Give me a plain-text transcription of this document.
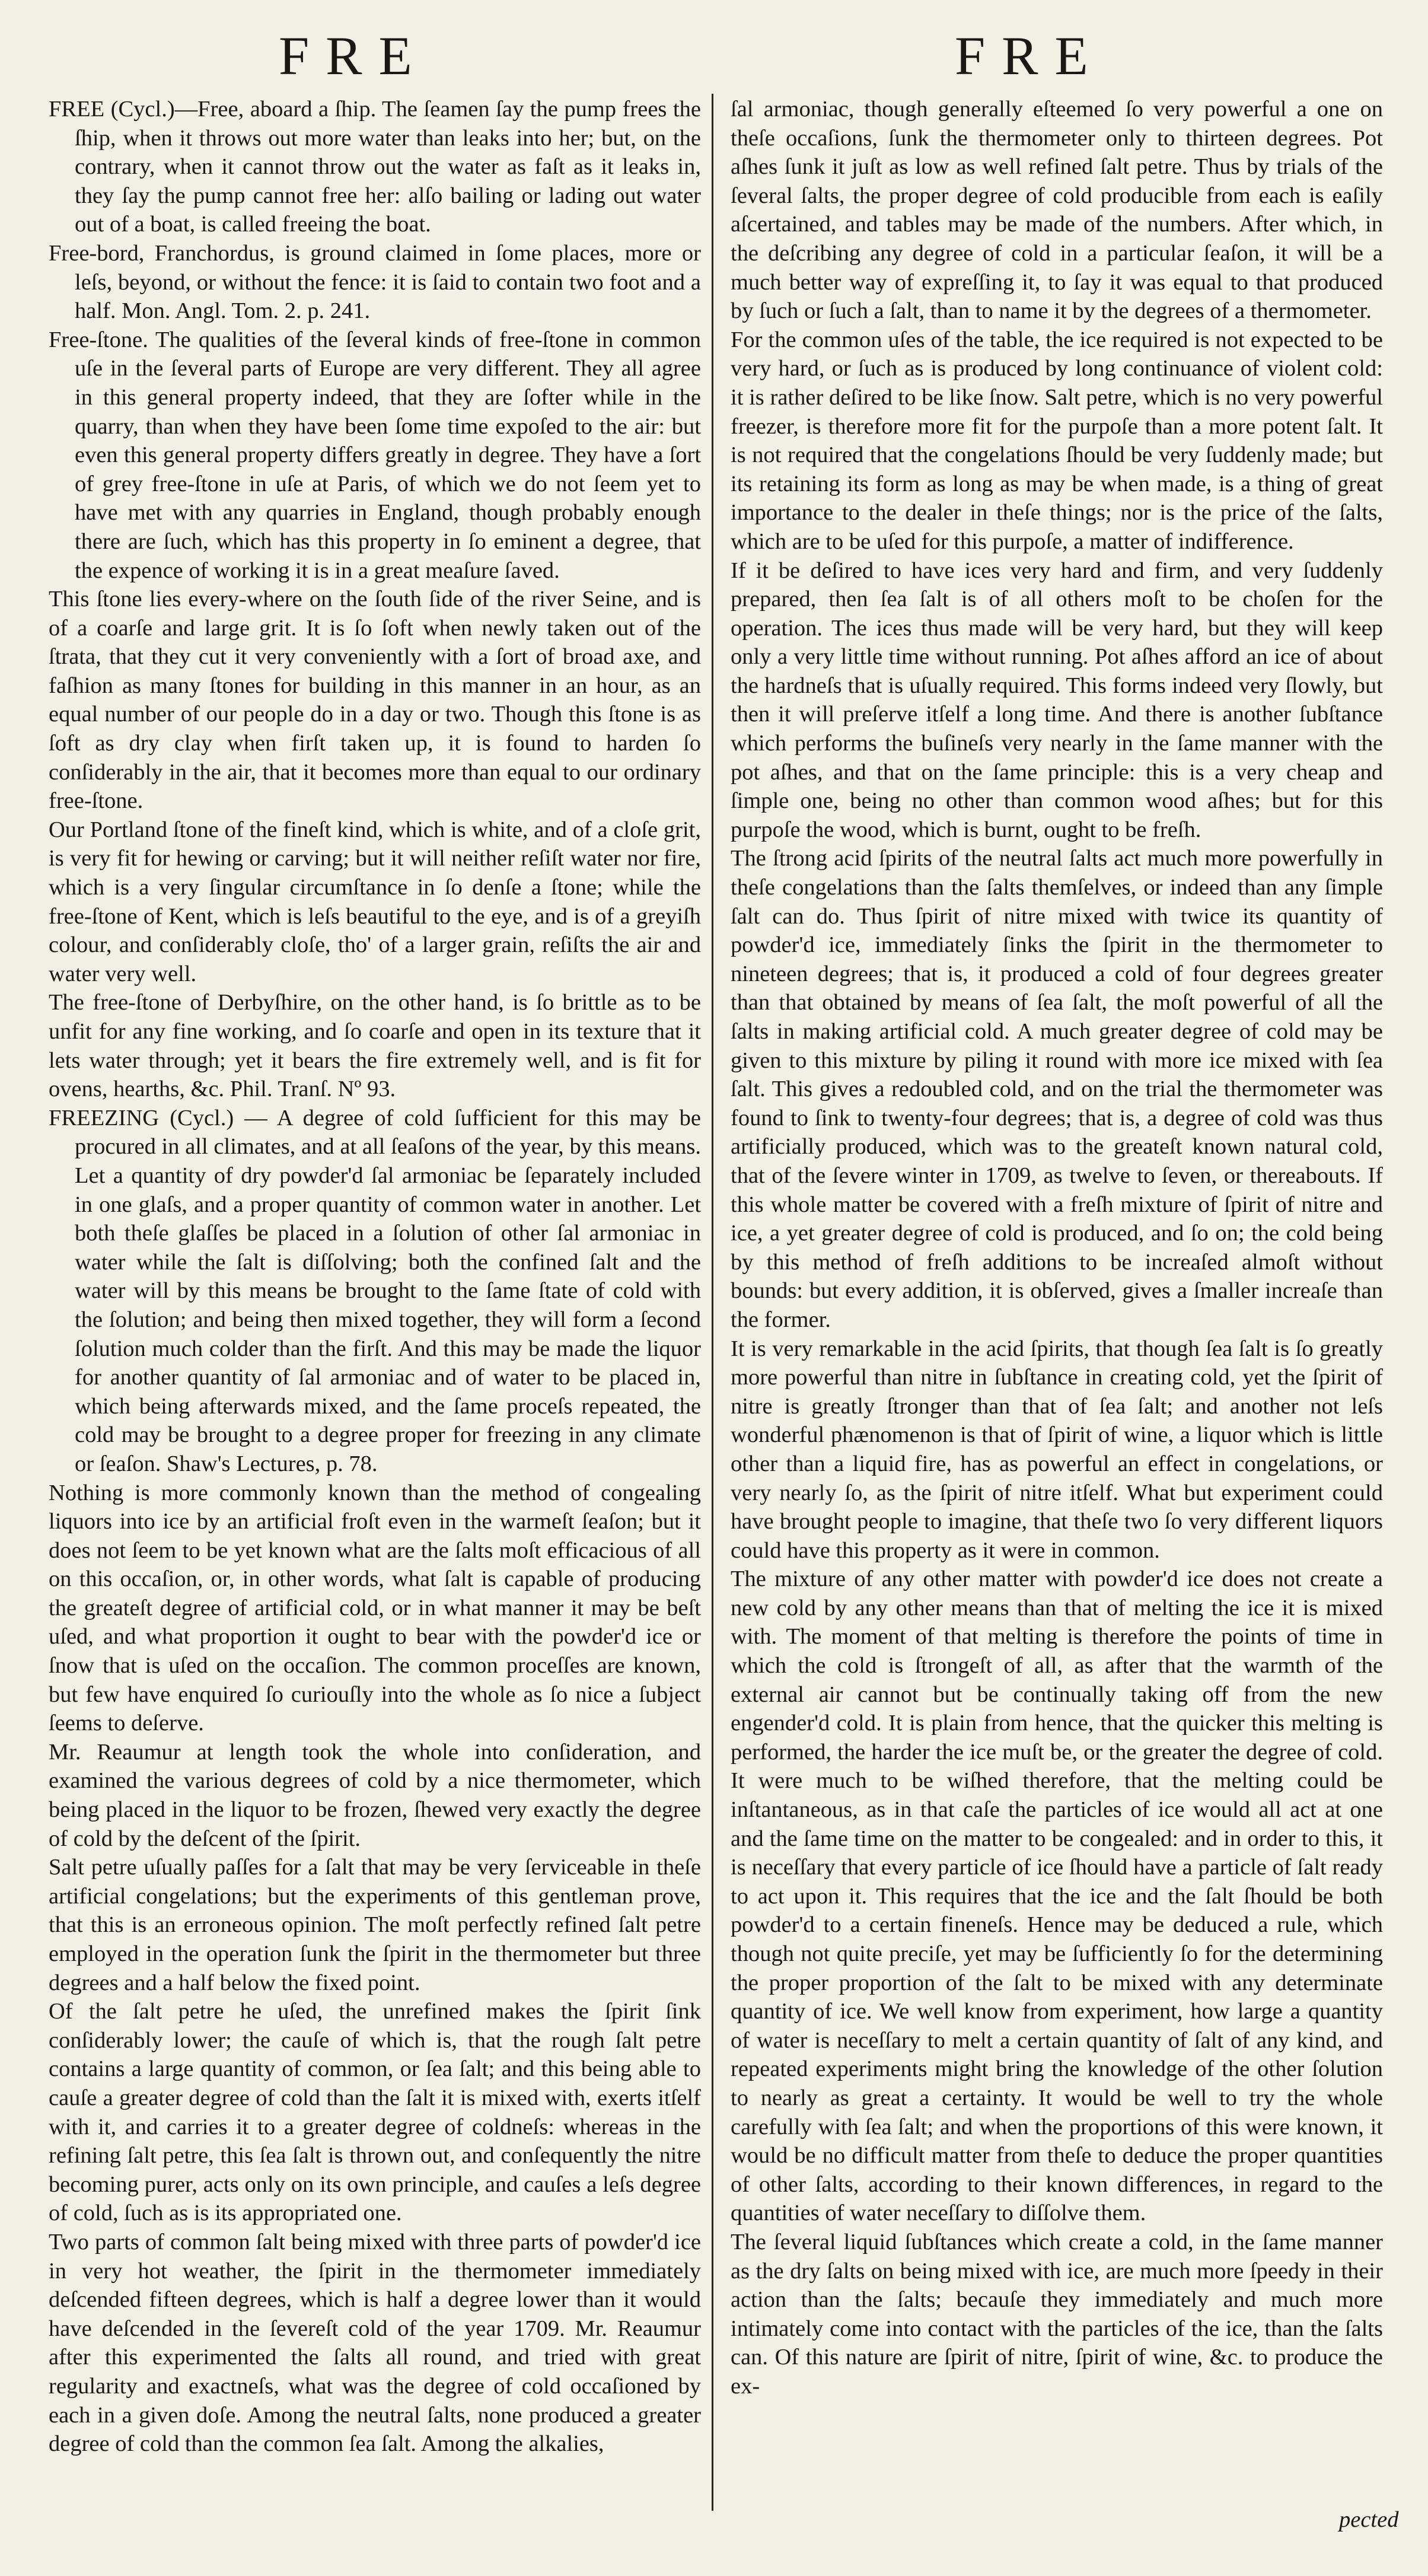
FRE	FRE

FREE (Cycl.)—Free, aboard a ſhip. The ſeamen ſay the pump frees the ſhip, when it throws out more water than leaks into her; but, on the contrary, when it cannot throw out the water as faſt as it leaks in, they ſay the pump cannot free her: alſo bailing or lading out water out of a boat, is called freeing the boat.

Free-bord, Franchordus, is ground claimed in ſome places, more or leſs, beyond, or without the fence: it is ſaid to contain two foot and a half. Mon. Angl. Tom. 2. p. 241.

Free-ſtone. The qualities of the ſeveral kinds of free-ſtone in common uſe in the ſeveral parts of Europe are very different. They all agree in this general property indeed, that they are ſofter while in the quarry, than when they have been ſome time expoſed to the air: but even this general property differs greatly in degree. They have a ſort of grey free-ſtone in uſe at Paris, of which we do not ſeem yet to have met with any quarries in England, though probably enough there are ſuch, which has this property in ſo eminent a degree, that the expence of working it is in a great meaſure ſaved.

This ſtone lies every-where on the ſouth ſide of the river Seine, and is of a coarſe and large grit. It is ſo ſoft when newly taken out of the ſtrata, that they cut it very conveniently with a ſort of broad axe, and faſhion as many ſtones for building in this manner in an hour, as an equal number of our people do in a day or two. Though this ſtone is as ſoft as dry clay when firſt taken up, it is found to harden ſo conſiderably in the air, that it becomes more than equal to our ordinary free-ſtone.

Our Portland ſtone of the fineſt kind, which is white, and of a cloſe grit, is very fit for hewing or carving; but it will neither reſiſt water nor fire, which is a very ſingular circumſtance in ſo denſe a ſtone; while the free-ſtone of Kent, which is leſs beautiful to the eye, and is of a greyiſh colour, and conſiderably cloſe, tho' of a larger grain, reſiſts the air and water very well.

The free-ſtone of Derbyſhire, on the other hand, is ſo brittle as to be unfit for any fine working, and ſo coarſe and open in its texture that it lets water through; yet it bears the fire extremely well, and is fit for ovens, hearths, &c. Phil. Tranſ. Nº 93.

FREEZING (Cycl.) — A degree of cold ſufficient for this may be procured in all climates, and at all ſeaſons of the year, by this means. Let a quantity of dry powder'd ſal armoniac be ſeparately included in one glaſs, and a proper quantity of common water in another. Let both theſe glaſſes be placed in a ſolution of other ſal armoniac in water while the ſalt is diſſolving; both the confined ſalt and the water will by this means be brought to the ſame ſtate of cold with the ſolution; and being then mixed together, they will form a ſecond ſolution much colder than the firſt. And this may be made the liquor for another quantity of ſal armoniac and of water to be placed in, which being afterwards mixed, and the ſame proceſs repeated, the cold may be brought to a degree proper for freezing in any climate or ſeaſon. Shaw's Lectures, p. 78.

Nothing is more commonly known than the method of congealing liquors into ice by an artificial froſt even in the warmeſt ſeaſon; but it does not ſeem to be yet known what are the ſalts moſt efficacious of all on this occaſion, or, in other words, what ſalt is capable of producing the greateſt degree of artificial cold, or in what manner it may be beſt uſed, and what proportion it ought to bear with the powder'd ice or ſnow that is uſed on the occaſion. The common proceſſes are known, but few have enquired ſo curiouſly into the whole as ſo nice a ſubject ſeems to deſerve.

Mr. Reaumur at length took the whole into conſideration, and examined the various degrees of cold by a nice thermometer, which being placed in the liquor to be frozen, ſhewed very exactly the degree of cold by the deſcent of the ſpirit.

Salt petre uſually paſſes for a ſalt that may be very ſerviceable in theſe artificial congelations; but the experiments of this gentleman prove, that this is an erroneous opinion. The moſt perfectly refined ſalt petre employed in the operation ſunk the ſpirit in the thermometer but three degrees and a half below the fixed point.

Of the ſalt petre he uſed, the unrefined makes the ſpirit ſink conſiderably lower; the cauſe of which is, that the rough ſalt petre contains a large quantity of common, or ſea ſalt; and this being able to cauſe a greater degree of cold than the ſalt it is mixed with, exerts itſelf with it, and carries it to a greater degree of coldneſs: whereas in the refining ſalt petre, this ſea ſalt is thrown out, and conſequently the nitre becoming purer, acts only on its own principle, and cauſes a leſs degree of cold, ſuch as is its appropriated one.

Two parts of common ſalt being mixed with three parts of powder'd ice in very hot weather, the ſpirit in the thermometer immediately deſcended fifteen degrees, which is half a degree lower than it would have deſcended in the ſevereſt cold of the year 1709. Mr. Reaumur after this experimented the ſalts all round, and tried with great regularity and exactneſs, what was the degree of cold occaſioned by each in a given doſe. Among the neutral ſalts, none produced a greater degree of cold than the common ſea ſalt. Among the alkalies,

ſal armoniac, though generally eſteemed ſo very powerful a one on theſe occaſions, ſunk the thermometer only to thirteen degrees. Pot aſhes ſunk it juſt as low as well refined ſalt petre. Thus by trials of the ſeveral ſalts, the proper degree of cold producible from each is eaſily aſcertained, and tables may be made of the numbers. After which, in the deſcribing any degree of cold in a particular ſeaſon, it will be a much better way of expreſſing it, to ſay it was equal to that produced by ſuch or ſuch a ſalt, than to name it by the degrees of a thermometer.

For the common uſes of the table, the ice required is not expected to be very hard, or ſuch as is produced by long continuance of violent cold: it is rather deſired to be like ſnow. Salt petre, which is no very powerful freezer, is therefore more fit for the purpoſe than a more potent ſalt. It is not required that the congelations ſhould be very ſuddenly made; but its retaining its form as long as may be when made, is a thing of great importance to the dealer in theſe things; nor is the price of the ſalts, which are to be uſed for this purpoſe, a matter of indifference.

If it be deſired to have ices very hard and firm, and very ſuddenly prepared, then ſea ſalt is of all others moſt to be choſen for the operation. The ices thus made will be very hard, but they will keep only a very little time without running. Pot aſhes afford an ice of about the hardneſs that is uſually required. This forms indeed very ſlowly, but then it will preſerve itſelf a long time. And there is another ſubſtance which performs the buſineſs very nearly in the ſame manner with the pot aſhes, and that on the ſame principle: this is a very cheap and ſimple one, being no other than common wood aſhes; but for this purpoſe the wood, which is burnt, ought to be freſh.

The ſtrong acid ſpirits of the neutral ſalts act much more powerfully in theſe congelations than the ſalts themſelves, or indeed than any ſimple ſalt can do. Thus ſpirit of nitre mixed with twice its quantity of powder'd ice, immediately ſinks the ſpirit in the thermometer to nineteen degrees; that is, it produced a cold of four degrees greater than that obtained by means of ſea ſalt, the moſt powerful of all the ſalts in making artificial cold. A much greater degree of cold may be given to this mixture by piling it round with more ice mixed with ſea ſalt. This gives a redoubled cold, and on the trial the thermometer was found to ſink to twenty-four degrees; that is, a degree of cold was thus artificially produced, which was to the greateſt known natural cold, that of the ſevere winter in 1709, as twelve to ſeven, or thereabouts. If this whole matter be covered with a freſh mixture of ſpirit of nitre and ice, a yet greater degree of cold is produced, and ſo on; the cold being by this method of freſh additions to be increaſed almoſt without bounds: but every addition, it is obſerved, gives a ſmaller increaſe than the former.

It is very remarkable in the acid ſpirits, that though ſea ſalt is ſo greatly more powerful than nitre in ſubſtance in creating cold, yet the ſpirit of nitre is greatly ſtronger than that of ſea ſalt; and another not leſs wonderful phænomenon is that of ſpirit of wine, a liquor which is little other than a liquid fire, has as powerful an effect in congelations, or very nearly ſo, as the ſpirit of nitre itſelf. What but experiment could have brought people to imagine, that theſe two ſo very different liquors could have this property as it were in common.

The mixture of any other matter with powder'd ice does not create a new cold by any other means than that of melting the ice it is mixed with. The moment of that melting is therefore the points of time in which the cold is ſtrongeſt of all, as after that the warmth of the external air cannot but be continually taking off from the new engender'd cold. It is plain from hence, that the quicker this melting is performed, the harder the ice muſt be, or the greater the degree of cold. It were much to be wiſhed therefore, that the melting could be inſtantaneous, as in that caſe the particles of ice would all act at one and the ſame time on the matter to be congealed: and in order to this, it is neceſſary that every particle of ice ſhould have a particle of ſalt ready to act upon it. This requires that the ice and the ſalt ſhould be both powder'd to a certain fineneſs. Hence may be deduced a rule, which though not quite preciſe, yet may be ſufficiently ſo for the determining the proper proportion of the ſalt to be mixed with any determinate quantity of ice. We well know from experiment, how large a quantity of water is neceſſary to melt a certain quantity of ſalt of any kind, and repeated experiments might bring the knowledge of the other ſolution to nearly as great a certainty. It would be well to try the whole carefully with ſea ſalt; and when the proportions of this were known, it would be no difficult matter from theſe to deduce the proper quantities of other ſalts, according to their known differences, in regard to the quantities of water neceſſary to diſſolve them.

The ſeveral liquid ſubſtances which create a cold, in the ſame manner as the dry ſalts on being mixed with ice, are much more ſpeedy in their action than the ſalts; becauſe they immediately and much more intimately come into contact with the particles of the ice, than the ſalts can. Of this nature are ſpirit of nitre, ſpirit of wine, &c. to produce the ex-

pected
